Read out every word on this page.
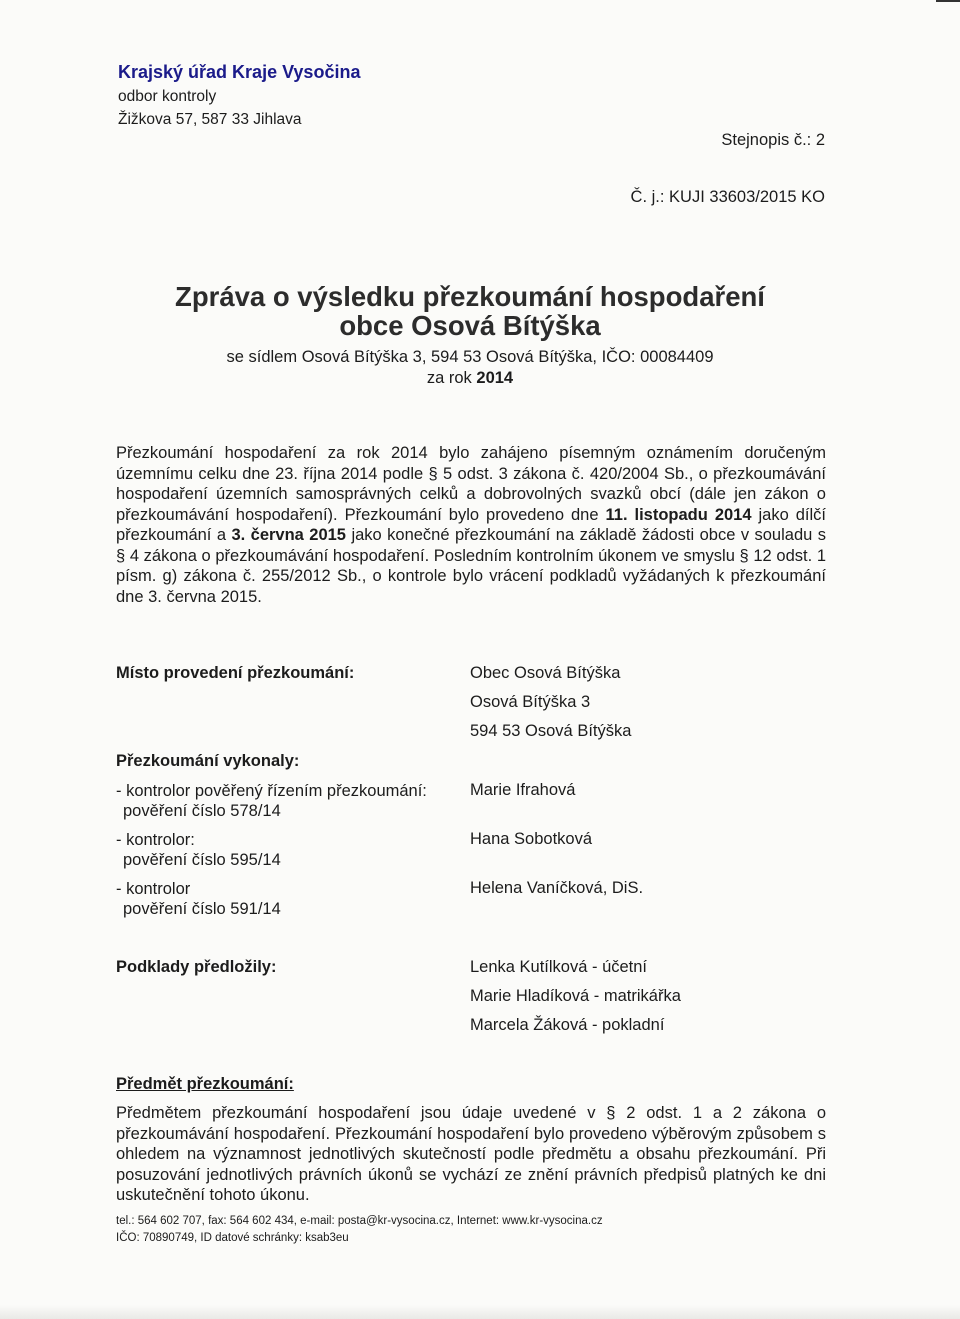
Krajský úřad Kraje Vysočina
odbor kontroly
Žižkova 57, 587 33 Jihlava
Stejnopis č.: 2
Č. j.: KUJI 33603/2015 KO
Zpráva o výsledku přezkoumání hospodaření
obce Osová Bítýška
se sídlem Osová Bítýška 3, 594 53 Osová Bítýška, IČO: 00084409
za rok 2014
Přezkoumání hospodaření za rok 2014 bylo zahájeno písemným oznámením doručeným územnímu celku dne 23. října 2014 podle § 5 odst. 3 zákona č. 420/2004 Sb., o přezkoumávání hospodaření územních samosprávných celků a dobrovolných svazků obcí (dále jen zákon o přezkoumávání hospodaření). Přezkoumání bylo provedeno dne 11. listopadu 2014 jako dílčí přezkoumání a 3. června 2015 jako konečné přezkoumání na základě žádosti obce v souladu s § 4 zákona o přezkoumávání hospodaření. Posledním kontrolním úkonem ve smyslu § 12 odst. 1 písm. g) zákona č. 255/2012 Sb., o kontrole bylo vrácení podkladů vyžádaných k přezkoumání dne 3. června 2015.
Místo provedení přezkoumání:	Obec Osová Bítýška
Osová Bítýška 3
594 53 Osová Bítýška
Přezkoumání vykonaly:
- kontrolor pověřený řízením přezkoumání:
pověření číslo 578/14
Marie Ifrahová
- kontrolor:
pověření číslo 595/14
Hana Sobotková
- kontrolor
pověření číslo 591/14
Helena Vaníčková, DiS.
Podklady předložily:	Lenka Kutílková - účetní
Marie Hladíková - matrikářka
Marcela Žáková - pokladní
Předmět přezkoumání:
Předmětem přezkoumání hospodaření jsou údaje uvedené v § 2 odst. 1 a 2 zákona o přezkoumávání hospodaření. Přezkoumání hospodaření bylo provedeno výběrovým způsobem s ohledem na významnost jednotlivých skutečností podle předmětu a obsahu přezkoumání. Při posuzování jednotlivých právních úkonů se vychází ze znění právních předpisů platných ke dni uskutečnění tohoto úkonu.
tel.: 564 602 707, fax: 564 602 434, e-mail: posta@kr-vysocina.cz, Internet: www.kr-vysocina.cz
IČO: 70890749, ID datové schránky: ksab3eu
